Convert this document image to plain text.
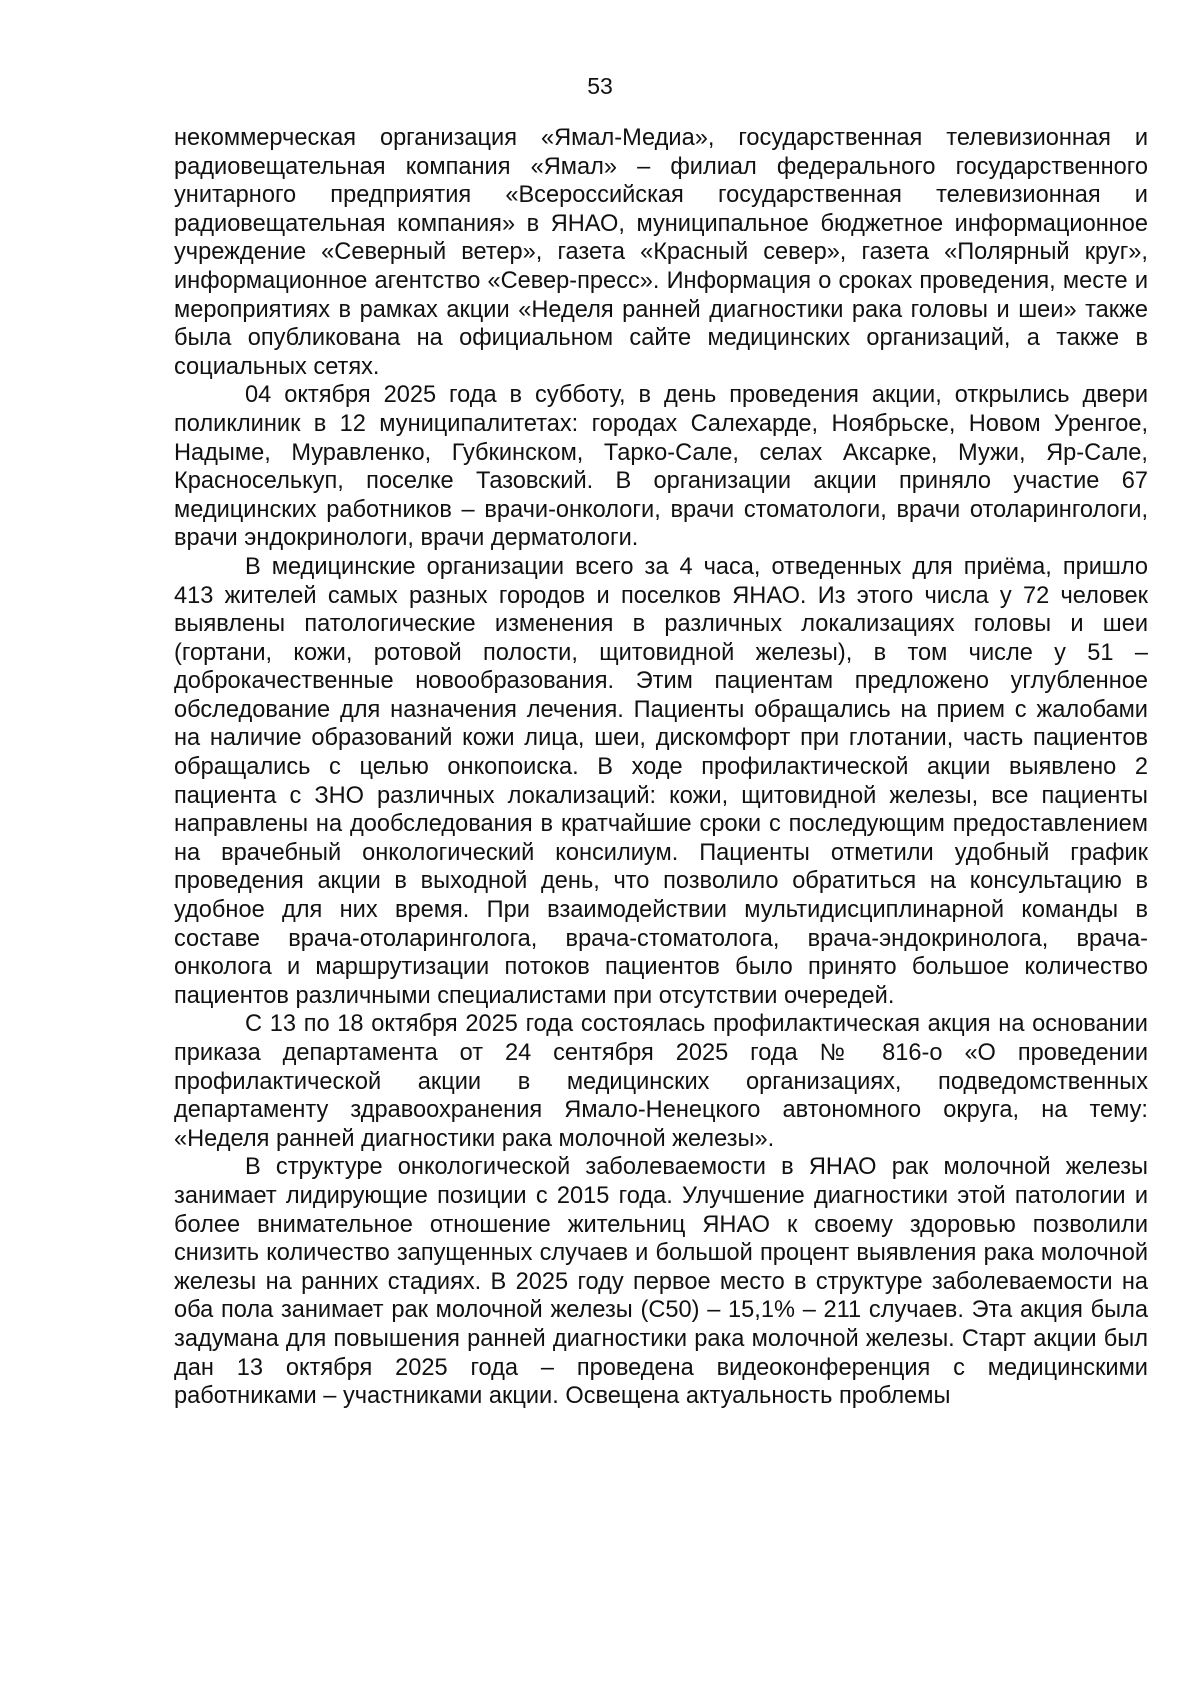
53

некоммерческая организация «Ямал-Медиа», государственная телевизионная и радиовещательная компания «Ямал» – филиал федерального государственного унитарного предприятия «Всероссийская государственная телевизионная и радиовещательная компания» в ЯНАО, муниципальное бюджетное информационное учреждение «Северный ветер», газета «Красный север», газета «Полярный круг», информационное агентство «Север-пресс». Информация о сроках проведения, месте и мероприятиях в рамках акции «Неделя ранней диагностики рака головы и шеи» также была опубликована на официальном сайте медицинских организаций, а также в социальных сетях.

04 октября 2025 года в субботу, в день проведения акции, открылись двери поликлиник в 12 муниципалитетах: городах Салехарде, Ноябрьске, Новом Уренгое, Надыме, Муравленко, Губкинском, Тарко-Сале, селах Аксарке, Мужи, Яр-Сале, Красноселькуп, поселке Тазовский. В организации акции приняло участие 67 медицинских работников – врачи-онкологи, врачи стоматологи, врачи отоларингологи, врачи эндокринологи, врачи дерматологи.

В медицинские организации всего за 4 часа, отведенных для приёма, пришло 413 жителей самых разных городов и поселков ЯНАО. Из этого числа у 72 человек выявлены патологические изменения в различных локализациях головы и шеи (гортани, кожи, ротовой полости, щитовидной железы), в том числе у 51 – доброкачественные новообразования. Этим пациентам предложено углубленное обследование для назначения лечения. Пациенты обращались на прием с жалобами на наличие образований кожи лица, шеи, дискомфорт при глотании, часть пациентов обращались с целью онкопоиска. В ходе профилактической акции выявлено 2 пациента с ЗНО различных локализаций: кожи, щитовидной железы, все пациенты направлены на дообследования в кратчайшие сроки с последующим предоставлением на врачебный онкологический консилиум. Пациенты отметили удобный график проведения акции в выходной день, что позволило обратиться на консультацию в удобное для них время. При взаимодействии мультидисциплинарной команды в составе врача-отоларинголога, врача-стоматолога, врача-эндокринолога, врача-онколога и маршрутизации потоков пациентов было принято большое количество пациентов различными специалистами при отсутствии очередей.

С 13 по 18 октября 2025 года состоялась профилактическая акция на основании приказа департамента от 24 сентября 2025 года № 816-о «О проведении профилактической акции в медицинских организациях, подведомственных департаменту здравоохранения Ямало-Ненецкого автономного округа, на тему: «Неделя ранней диагностики рака молочной железы».

В структуре онкологической заболеваемости в ЯНАО рак молочной железы занимает лидирующие позиции с 2015 года. Улучшение диагностики этой патологии и более внимательное отношение жительниц ЯНАО к своему здоровью позволили снизить количество запущенных случаев и большой процент выявления рака молочной железы на ранних стадиях. В 2025 году первое место в структуре заболеваемости на оба пола занимает рак молочной железы (С50) – 15,1% – 211 случаев. Эта акция была задумана для повышения ранней диагностики рака молочной железы. Старт акции был дан 13 октября 2025 года – проведена видеоконференция с медицинскими работниками – участниками акции. Освещена актуальность проблемы
